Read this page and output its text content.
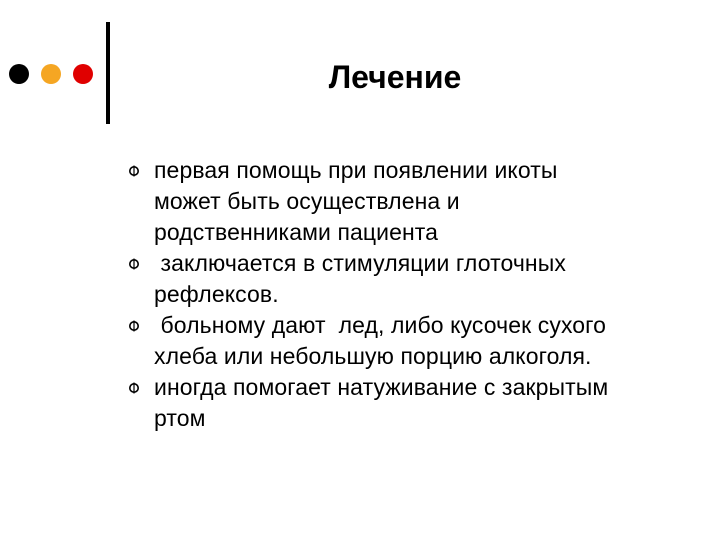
Лечение
первая помощь при появлении икоты
может быть осуществлена и
родственниками пациента
заключается в стимуляции глоточных
рефлексов.
больному дают  лед, либо кусочек сухого
хлеба или небольшую порцию алкоголя.
иногда помогает натуживание с закрытым
ртом
